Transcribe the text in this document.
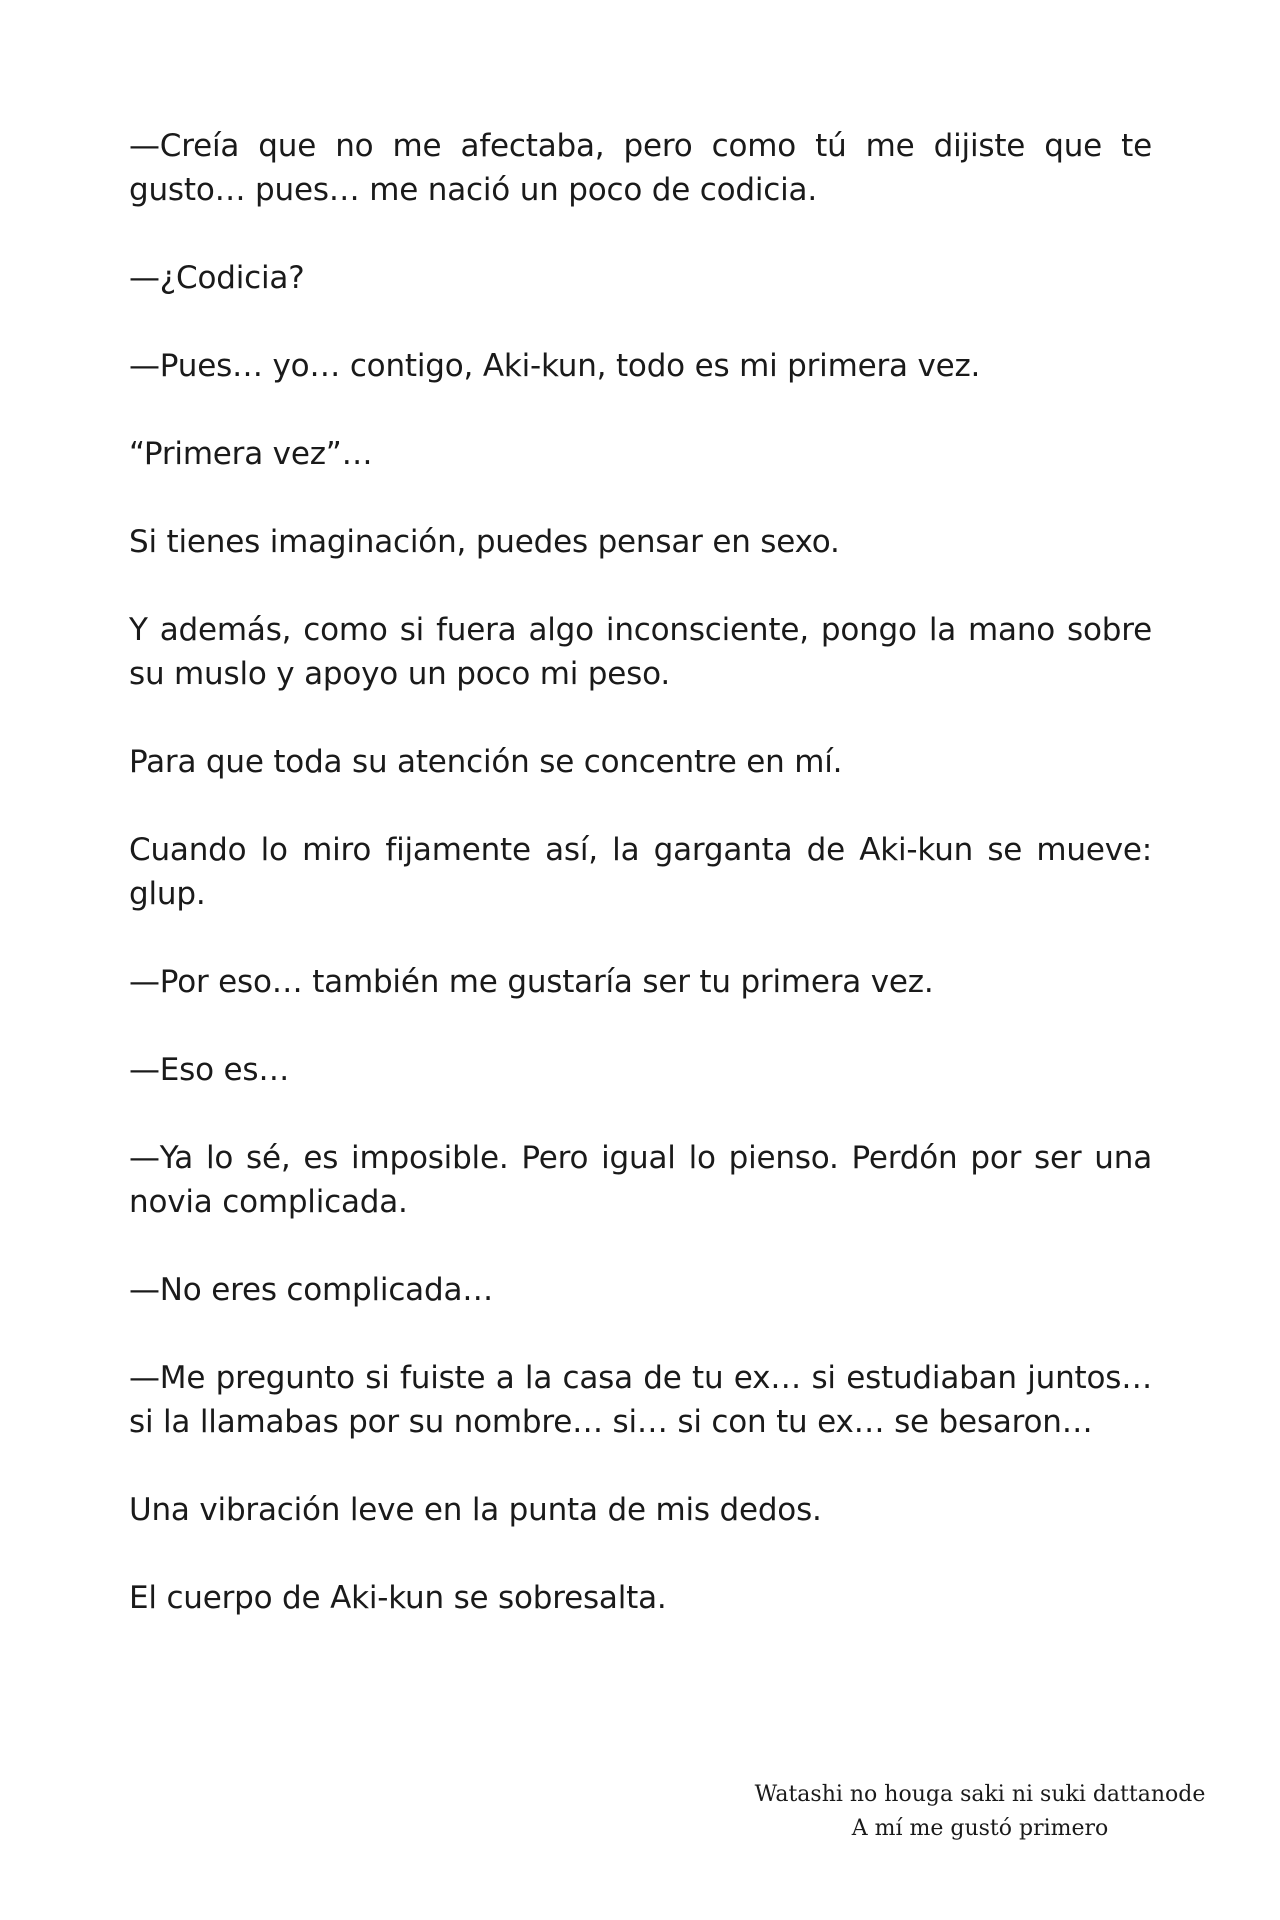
—Creía que no me afectaba, pero como tú me dijiste que te gusto… pues… me nació un poco de codicia.

—¿Codicia?

—Pues… yo… contigo, Aki-kun, todo es mi primera vez.

“Primera vez”…

Si tienes imaginación, puedes pensar en sexo.

Y además, como si fuera algo inconsciente, pongo la mano sobre su muslo y apoyo un poco mi peso.

Para que toda su atención se concentre en mí.

Cuando lo miro fijamente así, la garganta de Aki-kun se mueve: glup.

—Por eso… también me gustaría ser tu primera vez.

—Eso es…

—Ya lo sé, es imposible. Pero igual lo pienso. Perdón por ser una novia complicada.

—No eres complicada…

—Me pregunto si fuiste a la casa de tu ex… si estudiaban juntos… si la llamabas por su nombre… si… si con tu ex… se besaron…

Una vibración leve en la punta de mis dedos.

El cuerpo de Aki-kun se sobresalta.

Watashi no houga saki ni suki dattanode
A mí me gustó primero
